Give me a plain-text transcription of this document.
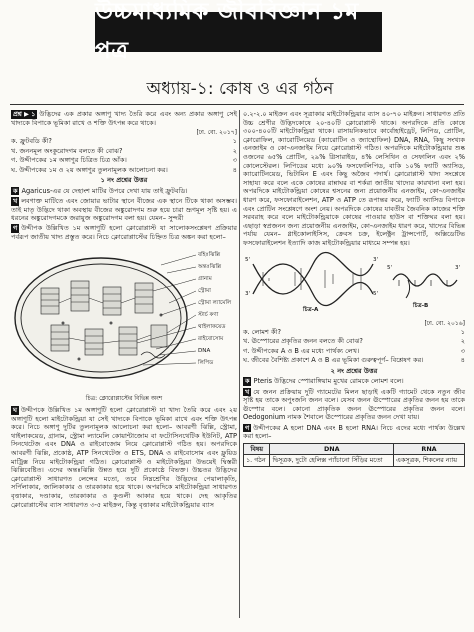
উচ্চমাধ্যমিক জীববিজ্ঞান ১ম পত্র
অধ্যায়-১: কোষ ও এর গঠন
প্রশ্ন ▶ ১ উদ্ভিদের এক প্রকার অঙ্গাণু খাদ্য তৈরি করে এবং অন্য প্রকার অঙ্গাণু সেই খাদ্যকে বিপাকে ভূমিকা রাখে ও শক্তি উৎপন্ন করে থাকে।
[ঢা. বো. ২০১৭]
ক. ফ্রুটবডি কী?	১
খ. জননমূল অংকুরোদগম বলতে কী বোঝ?	২
গ. উদ্দীপকের ১ম অঙ্গাণুর চিত্রিত চিত্র আঁক।	৩
ঘ. উদ্দীপকের ১ম ও ২য় অঙ্গাণুর তুলনামূলক আলোচনা কর।	৪
১ নং প্রশ্নের উত্তর
ক Agaricus-এর যে দেহাংশ মাটির উপরে দেখা যায় তাই ফ্রুটবডি।
খ লবণাক্ত মাটিতে এবং জোয়ার ভাটার স্থানে বীজের এক স্থানে টিকে থাকা অসম্ভব। তাই মাতৃ উদ্ভিদে থাকা অবস্থায় বীজের অঙ্কুরোদগম শুরু হয়ে চারা ভ্রূণমূল সৃষ্টি হয়। এ ধরনের অঙ্কুরোদগমকে জরায়ুজ অঙ্কুরোদগম বলা হয়। যেমন– সুন্দরী
গ উদ্দীপক উল্লিখিত ১ম অঙ্গাণুটি হলো ক্লোরোপ্লাস্ট যা সালোকসংশ্লেষণ প্রক্রিয়ার পর্বরূপ জাতীয় খাদ্য প্রস্তুত করে। নিচে ক্লোরোপ্লাস্টের চিহ্নিত চিত্র অঙ্কন করা হলো–
বহিঃঝিল্লি
অন্তঃঝিল্লি
গ্রানাম
স্ট্রোমা
স্ট্রোমা ল্যামেলি
স্টার্চ কণা
থাইলাকয়েড
রাইবোসোম
DNA
লিপিড
চিত্র: ক্লোরোপ্লাস্টের বিভিন্ন অংশ
ঘ উদ্দীপকে উল্লিখিত ১ম অঙ্গাণুটি হলো ক্লোরোপ্লাস্ট যা খাদ্য তৈরি করে এবং ২য় অঙ্গাণুটি হলো মাইটোকন্ড্রিয়া যা সেই খাদ্যকে বিপাকে ভূমিকা রাখে এবং শক্তি উৎপন্ন করে। নিচে অঙ্গাণু দুটির তুলনামূলক আলোচনা করা হলো– আবরণী ঝিল্লি, স্ট্রোমা, থাইলাকয়েড, গ্রানাম, স্ট্রোমা ল্যামেলি কোয়ান্টাজোম বা ফটোসিনথেটিক ইউনিট, ATP সিনথেটেজ এবং DNA ও রাইবোজোম নিয়ে ক্লোরোপ্লাস্ট গঠিত হয়। অপরদিকে আবরণী ঝিল্লি, প্রকোষ্ঠ, ATP সিনথেটেজ ও ETS, DNA ও রাইবোসোম এবং ফ্লুয়িড মাট্রিক্স নিয়ে মাইটোকন্ড্রিয়া গঠিত। ক্লোরোপ্লাস্ট ও মাইটোকন্ড্রিয়া উভয়েই দ্বিস্তরী ঝিল্লিবেষ্টিত। এদের অন্তঃঝিল্লি উন্নত হয়ে দুটি প্রকোষ্ঠে বিভক্ত। উচ্চতর উদ্ভিদের ক্লোরোপ্লাস্ট সাধারণত লেন্সের মতো, তবে নিম্নশ্রেণির উদ্ভিদের পেয়ালাকৃতি, সর্পিলাকার, জালিকাকার ও তারকাকার হয়ে থাকে। অপরদিকে মাইটোকন্ড্রিয়া সাধারণত বৃত্তাকার, দণ্ডাকার, তারকাকার ও কুণ্ডলী আকার হয়ে থাকে। দেহ আকৃতির ক্লোরোপ্লাস্টের ব্যাস সাধারণত ৩-৫ মাইক্রন, কিন্তু বৃত্তাকার মাইটোকন্ড্রিয়ার ব্যাস
০.২-২.০ মাইক্রন এবং সূত্রাকার মাইটোকন্ড্রিয়ার ব্যাস ৪০-৭০ মাইক্রন। সাধারণত প্রতি উচ্চ শ্রেণীর উদ্ভিদকোষে ২০-৪০টি ক্লোরোপ্লাস্ট থাকে। অপরদিকে প্রতি কোষে ৩০০-৪০০টি মাইটোকন্ড্রিয়া থাকে। রাসায়নিকভাবে কার্বোহাইড্রেট, লিপিড, প্রোটিন, ক্লোরোফিল, ক্যারোটিনয়েড (ক্যারোটিন ও জ্যান্থোফিল) DNA, RNA, কিছু সংখ্যক এনজাইম ও কো-এনজাইম নিয়ে ক্লোরোপ্লাস্ট গঠিত। অপরদিকে মাইটোকন্ড্রিয়ার শুষ্ক ওজনের ৬৫% প্রোটিন, ২৯% গ্লিসারাইড, ৪% লেসিথিন ও সেফালিন এবং ২% কোলেস্টেরল। লিপিডের মধ্যে ৯০% ফসফোলিপিড, বাকি ১০% ফ্যাটি অ্যাসিড, ক্যারোটিনয়েড, ভিটামিন E এবং কিছু অজৈব পদার্থ। ক্লোরোপ্লাস্ট খাদ্য সংশ্লেষে সাহায্য করে বলে একে কোষের রান্নাঘর বা শর্করা জাতীয় খাদ্যের কারখানা বলা হয়। অপরদিকে মাইটোকন্ড্রিয়া কোষের শ্বসনের জন্য প্রয়োজনীয় এনজাইম, কো-এনজাইম ধারণ করে, ফসফোরাইলেশন, ATP ও ATP তে রূপান্তর করে, ফ্যাটি অ্যাসিড বিপাকে এবং প্রোটিন সংশ্লেষণে অংশ নেয়। অপরদিকে কোষের যাবতীয় জৈবনিক কাজের শক্তি সরবরাহ করে বলে মাইটোকন্ড্রিয়াকে কোষের পাওয়ার হাউস বা শক্তিঘর বলা হয়। এছাড়া স্বপ্রজনন জন্য প্রয়োজনীয় এনজাইম, কো-এনজাইম ধারণ করে, খাদ্যের বিভিন্ন পর্যায় যেমন– গ্লাইকোলাইসিস, ক্রেবস চক্র, ইলেক্ট্রন ট্রান্সপোর্ট, অক্সিডেটিভ ফসফোরাইলেশন ইত্যাদি কাজ মাইটোকন্ড্রিয়ার মাধ্যমে সম্পন্ন হয়।
5'
3'
3'
5'
চিত্র-A
চিত্র-B
5'	3'
[ঢা. বো. ২০১৬]
ক. লোমশ কী?	১
খ. ঊস্পোরের প্রকৃতির জনন বলতে কী বোঝ?	২
গ. উদ্দীপকের A ও B এর মধ্যে পার্থক্য লেখ।	৩
ঘ. জীবের বৈশিষ্ট্য প্রকাশে A ও B এর ভূমিকা গুরুত্বপূর্ণ– বিশ্লেষণ কর।	৪
২ নং প্রশ্নের উত্তর
ক Pteris উদ্ভিদের স্পোরাঙ্গিয়াম মুখের রোমকে লোমশ বলে।
খ যে জনন প্রক্রিয়ায় দুটি গ্যামেটের মিলন ছাড়াই একটি গ্যামেট থেকে নতুন জীব সৃষ্টি হয় তাকে অপুংজনি জনন বলে। যেসব জনন ঊস্পোরের প্রকৃতির জনন হয় তাকে ঊস্পোর বলে। কোনো প্রাকৃতিক জনন ঊস্পোরের প্রকৃতির জনন বলে। Oedogonium নামক শৈবালে ঊস্পোরের প্রকৃতির জনন দেখা যায়।
গ উদ্দীপকের A হলো DNA এবং B হলো RNA। নিচে এদের মধ্যে পার্থক্য উল্লেখ করা হলো–
বিষয়	DNA	RNA
১. গঠন	দ্বিসূত্রক, দুটো হেলিক্স প্যাঁচানো সিঁড়ির মতো	একসূত্রক, শিকলের ন্যায়
